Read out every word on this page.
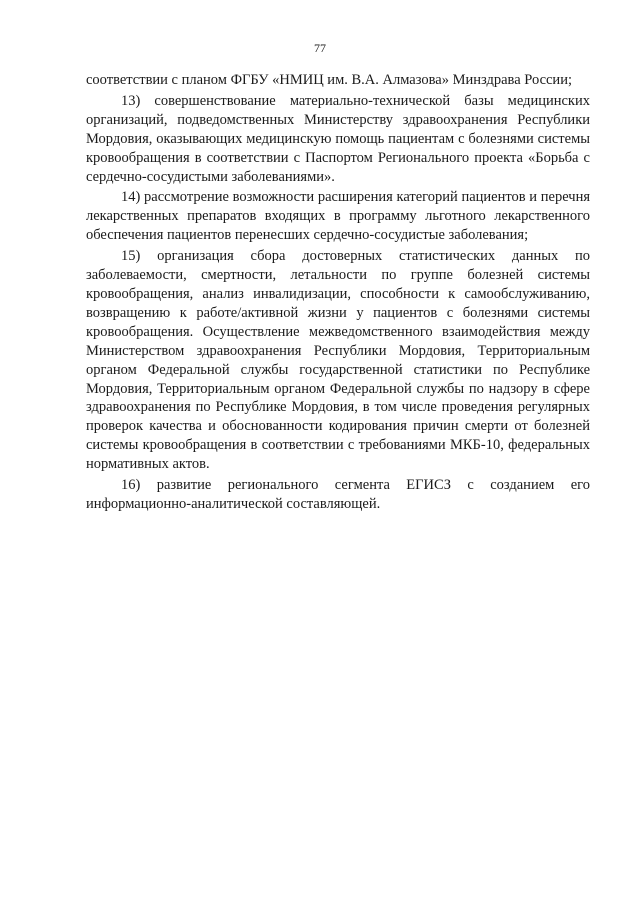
77

соответствии с планом ФГБУ «НМИЦ им. В.А. Алмазова» Минздрава России;

13) совершенствование материально-технической базы медицинских организаций, подведомственных Министерству здравоохранения Республики Мордовия, оказывающих медицинскую помощь пациентам с болезнями системы кровообращения в соответствии с Паспортом Регионального проекта «Борьба с сердечно-сосудистыми заболеваниями».

14) рассмотрение возможности расширения категорий пациентов и перечня лекарственных препаратов входящих в программу льготного лекарственного обеспечения пациентов перенесших сердечно-сосудистые заболевания;

15) организация сбора достоверных статистических данных по заболеваемости, смертности, летальности по группе болезней системы кровообращения, анализ инвалидизации, способности к самообслуживанию, возвращению к работе/активной жизни у пациентов с болезнями системы кровообращения. Осуществление межведомственного взаимодействия между Министерством здравоохранения Республики Мордовия, Территориальным органом Федеральной службы государственной статистики по Республике Мордовия, Территориальным органом Федеральной службы по надзору в сфере здравоохранения по Республике Мордовия, в том числе проведения регулярных проверок качества и обоснованности кодирования причин смерти от болезней системы кровообращения в соответствии с требованиями МКБ-10, федеральных нормативных актов.

16) развитие регионального сегмента ЕГИСЗ с созданием его информационно-аналитической составляющей.
